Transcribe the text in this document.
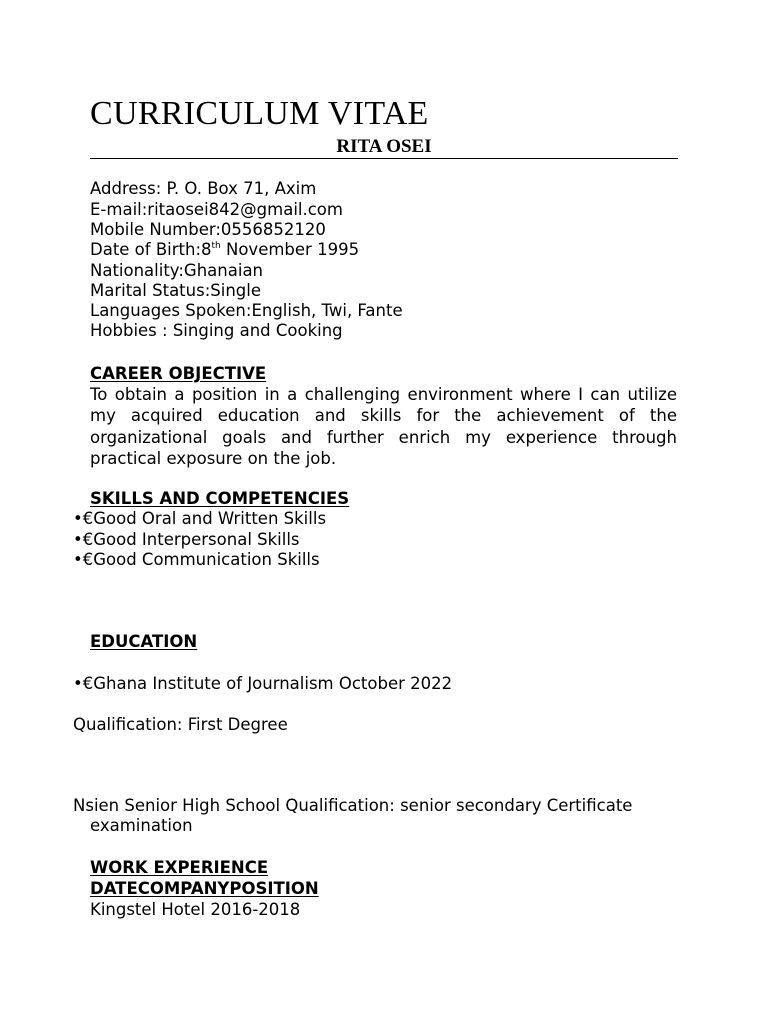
CURRICULUM VITAE
RITA OSEI

Address: P. O. Box 71, Axim

E-mail:ritaosei842@gmail.com

Mobile Number:0556852120

Date of Birth:8th November 1995

Nationality:Ghanaian

Marital Status:Single

Languages Spoken:English, Twi, Fante

Hobbies : Singing and Cooking

CAREER OBJECTIVE

To obtain a position in a challenging environment where I can utilize my acquired education and skills for the achievement of the organizational goals and further enrich my experience through practical exposure on the job.

SKILLS AND COMPETENCIES

•€Good Oral and Written Skills

•€Good Interpersonal Skills

•€Good Communication Skills

EDUCATION

•€Ghana Institute of Journalism October 2022

Qualification: First Degree

Nsien Senior High School Qualification: senior secondary Certificate

examination

WORK EXPERIENCE
DATECOMPANYPOSITION

Kingstel Hotel 2016-2018
